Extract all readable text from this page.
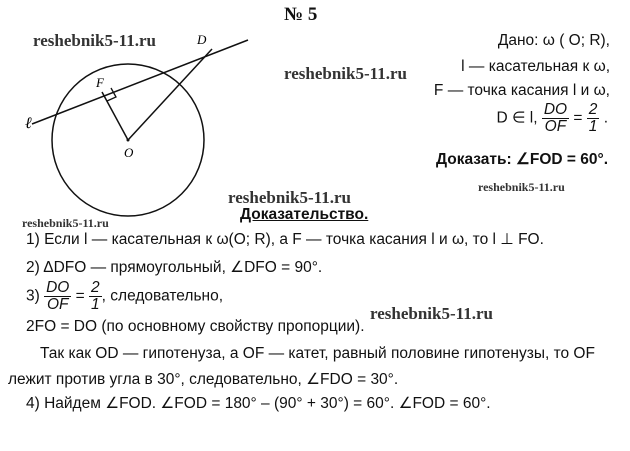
D
F
O
ℓ
№ 5
reshebnik5-11.ru
reshebnik5-11.ru
reshebnik5-11.ru
reshebnik5-11.ru
reshebnik5-11.ru
reshebnik5-11.ru
Дано: ω ( O; R),
l — касательная к ω,
F — точка касания l и ω,
D ∈ l, $\frac{DO}{OF} = \frac{2}{1}$ .
Доказать: ∠FOD = 60°.
Доказательство.
1) Если l — касательная к ω(O; R), а F — точка касания l и ω, то l ⊥ FO.
2) ΔDFO — прямоугольный, ∠DFO = 90°.
$3) \frac{DO}{OF} = \frac{2}{1}$ , следовательно,
2FO = DO (по основному свойству пропорции).
Так как OD — гипотенуза, а OF — катет, равный половине гипотенузы, то OF
лежит против угла в 30°, следовательно, ∠FDO = 30°.
4) Найдем ∠FOD. ∠FOD = 180° – (90° + 30°) = 60°. ∠FOD = 60°.
